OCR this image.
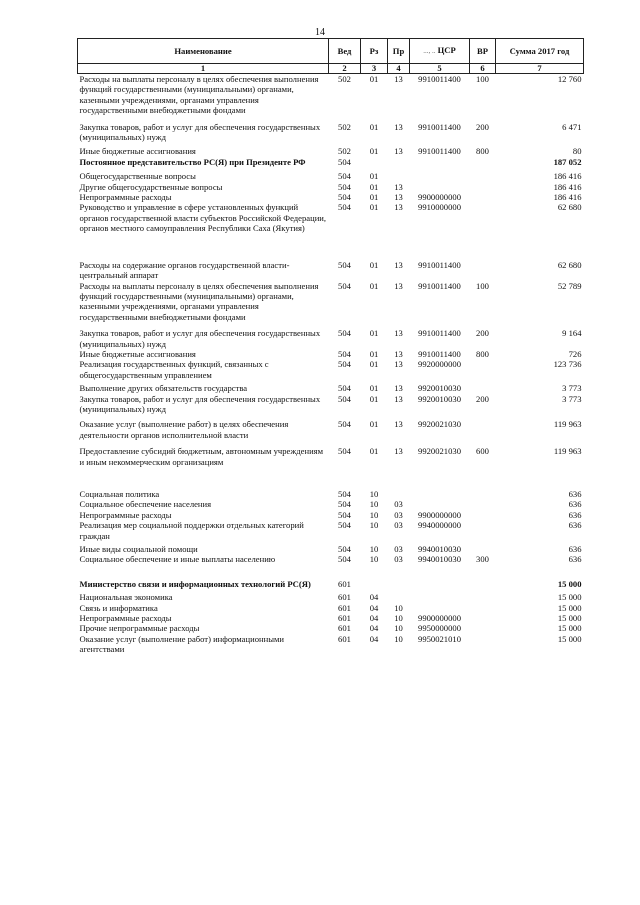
14
Наименование	Вед	Рз	Пр	..., .. ЦСР	ВР	Сумма 2017 год
1	2	3	4	5	6	7
Расходы на выплаты персоналу в целях обеспечения выполнения функций государственными (муниципальными) органами, казенными учреждениями, органами управления государственными внебюджетными фондами	502	01	13	9910011400	100	12 760
Закупка товаров, работ и услуг для обеспечения государственных (муниципальных) нужд	502	01	13	9910011400	200	6 471
Иные бюджетные ассигнования	502	01	13	9910011400	800	80
Постоянное представительство РС(Я) при Президенте РФ	504					187 052
Общегосударственные вопросы	504	01				186 416
Другие общегосударственные вопросы	504	01	13			186 416
Непрограммные расходы	504	01	13	9900000000		186 416
Руководство и управление в сфере установленных функций органов государственной власти субъектов Российской Федерации, органов местного самоуправления Республики Саха (Якутия)	504	01	13	9910000000		62 680
Расходы на содержание органов государственной власти- центральный аппарат	504	01	13	9910011400		62 680
Расходы на выплаты персоналу в целях обеспечения выполнения функций государственными (муниципальными) органами, казенными учреждениями, органами управления государственными внебюджетными фондами	504	01	13	9910011400	100	52 789
Закупка товаров, работ и услуг для обеспечения государственных (муниципальных) нужд	504	01	13	9910011400	200	9 164
Иные бюджетные ассигнования	504	01	13	9910011400	800	726
Реализация государственных функций, связанных с общегосударственным управлением	504	01	13	9920000000		123 736
Выполнение других обязательств государства	504	01	13	9920010030		3 773
Закупка товаров, работ и услуг для обеспечения государственных (муниципальных) нужд	504	01	13	9920010030	200	3 773
Оказание услуг (выполнение работ) в целях обеспечения деятельности органов исполнительной власти	504	01	13	9920021030		119 963
Предоставление субсидий бюджетным, автономным учреждениям и иным некоммерческим организациям	504	01	13	9920021030	600	119 963
Социальная политика	504	10				636
Социальное обеспечение населения	504	10	03			636
Непрограммные расходы	504	10	03	9900000000		636
Реализация мер социальной поддержки отдельных категорий граждан	504	10	03	9940000000		636
Иные виды социальной помощи	504	10	03	9940010030		636
Социальное обеспечение и иные выплаты населению	504	10	03	9940010030	300	636
Министерство связи и информационных технологий РС(Я)	601					15 000
Национальная экономика	601	04				15 000
Связь и информатика	601	04	10			15 000
Непрограммные расходы	601	04	10	9900000000		15 000
Прочие непрограммные расходы	601	04	10	9950000000		15 000
Оказание услуг (выполнение работ) информационными агентствами	601	04	10	9950021010		15 000
